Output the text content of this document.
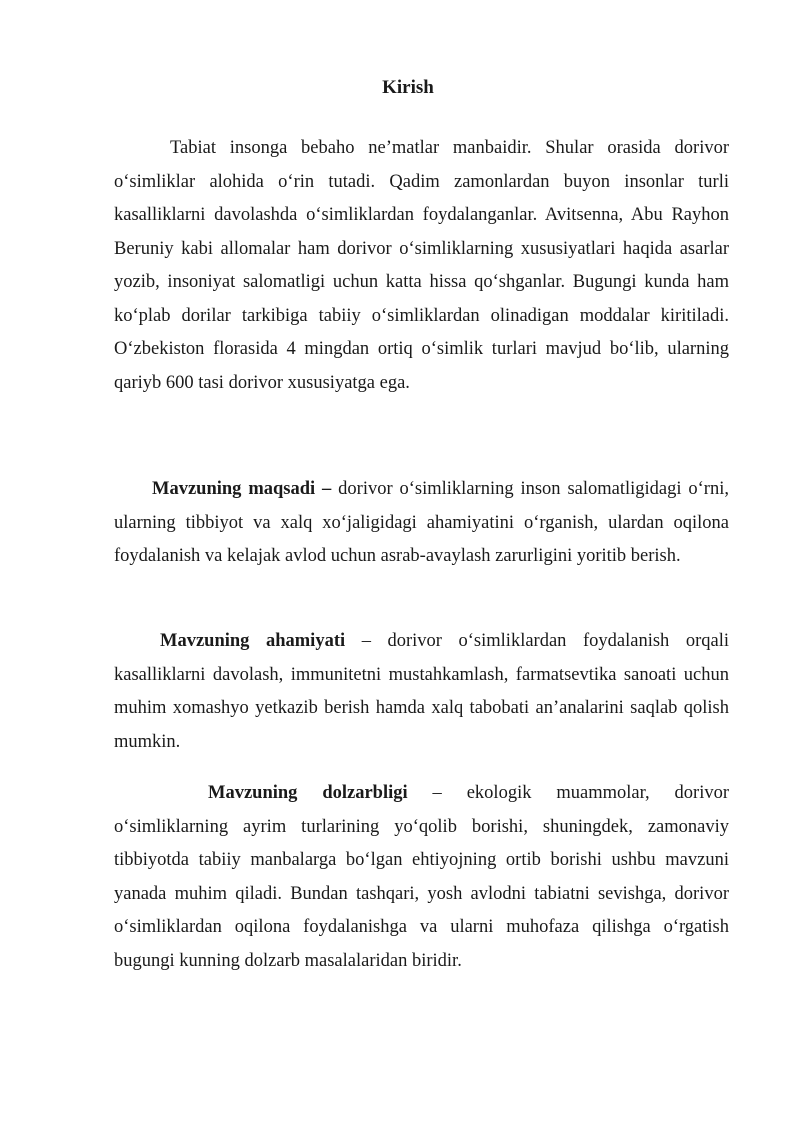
Kirish

Tabiat insonga bebaho ne’matlar manbaidir. Shular orasida dorivor o‘simliklar alohida o‘rin tutadi. Qadim zamonlardan buyon insonlar turli kasalliklarni davolashda o‘simliklardan foydalanganlar. Avitsenna, Abu Rayhon Beruniy kabi allomalar ham dorivor o‘simliklarning xususiyatlari haqida asarlar yozib, insoniyat salomatligi uchun katta hissa qo‘shganlar. Bugungi kunda ham ko‘plab dorilar tarkibiga tabiiy o‘simliklardan olinadigan moddalar kiritiladi. O‘zbekiston florasida 4 mingdan ortiq o‘simlik turlari mavjud bo‘lib, ularning qariyb 600 tasi dorivor xususiyatga ega.

Mavzuning maqsadi – dorivor o‘simliklarning inson salomatligidagi o‘rni, ularning tibbiyot va xalq xo‘jaligidagi ahamiyatini o‘rganish, ulardan oqilona foydalanish va kelajak avlod uchun asrab-avaylash zarurligini yoritib berish.

Mavzuning ahamiyati – dorivor o‘simliklardan foydalanish orqali kasalliklarni davolash, immunitetni mustahkamlash, farmatsevtika sanoati uchun muhim xomashyo yetkazib berish hamda xalq tabobati an’analarini saqlab qolish mumkin.

Mavzuning dolzarbligi – ekologik muammolar, dorivor o‘simliklarning ayrim turlarining yo‘qolib borishi, shuningdek, zamonaviy tibbiyotda tabiiy manbalarga bo‘lgan ehtiyojning ortib borishi ushbu mavzuni yanada muhim qiladi. Bundan tashqari, yosh avlodni tabiatni sevishga, dorivor o‘simliklardan oqilona foydalanishga va ularni muhofaza qilishga o‘rgatish bugungi kunning dolzarb masalalaridan biridir.
